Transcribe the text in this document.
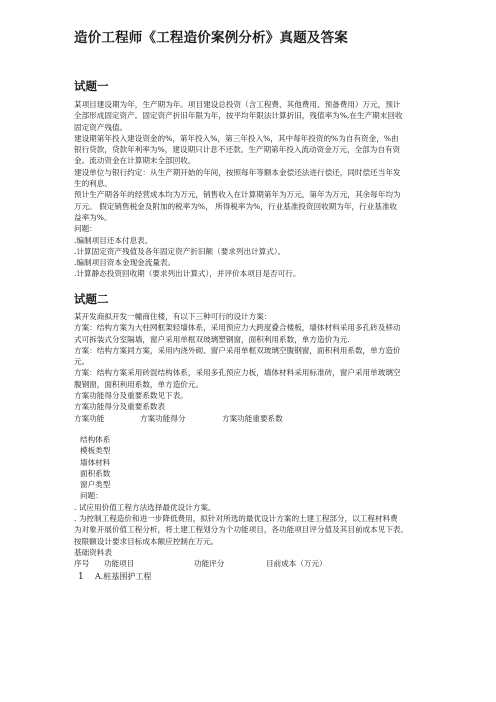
造价工程师《工程造价案例分析》真题及答案
试题一
某项目建设期为年，生产期为年。项目建设总投资（含工程费、其他费用、预备费用）万元，预计
全部形成固定资产。固定资产折旧年限为年，按平均年限法计算折旧，残值率为%,在生产期末回收
固定资产残值。
建设期第年投入建设资金的%，第年投入%，第三年投入%，其中每年投资的%为自有资金，%由
银行贷款，贷款年利率为%，建设期只计息不还款。生产期第年投入流动资金万元，全部为自有资
金。流动资金在计算期末全部回收。
建设单位与银行约定：从生产期开始的年间，按照每年等额本金偿还法进行偿还，同时偿还当年发
生的利息。
预计生产期各年的经营成本均为万元，销售收入在计算期第年为万元，第年为万元，其余每年均为
万元。 假定销售税金及附加的税率为%， 所得税率为%，行业基准投资回收期为年，行业基准收
益率为%。
问题：
.编制项目还本付息表。
.计算固定资产残值及各年固定资产折旧额（要求列出计算式）。
.编制项目资本金现金流量表。
.计算静态投资回收期（要求列出计算式），并评价本项目是否可行。
试题二
某开发商拟开发一幢商住楼，有以下三种可行的设计方案：
方案：结构方案为大柱网框架轻墙体系，采用预应力大跨度叠合楼板，墙体材料采用多孔砖及移动
式可拆装式分室隔墙，窗户采用单框双玻璃塑钢窗，面积利用系数，单方造价为元.
方案：结构方案同方案，采用内浇外砌、窗户采用单框双玻璃空腹钢窗，面积利用系数，单方造价
元。
方案：结构方案采用砖混结构体系，采用多孔预应力板，墙体材料采用标准砖，窗户采用单玻璃空
腹钢窗，面积利用系数，单方造价元。
方案功能得分及重要系数见下表。
方案功能得分及重要系数表
方案功能	方案功能得分	方案功能重要系数
结构体系
模板类型
墙体材料
面积系数
窗户类型
问题：
. 试应用价值工程方法选择最优设计方案。
. 为控制工程造价和进一步降低费用，拟针对所选的最优设计方案的土建工程部分，以工程材料费
为对象开展价值工程分析，将土建工程划分为个功能项目，各功能项目评分值及其目前成本见下表。
按限额设计要求目标成本额应控制在万元。
基础资料表
序号	功能项目	功能评分	目前成本（万元）
1	A.桩基围护工程
